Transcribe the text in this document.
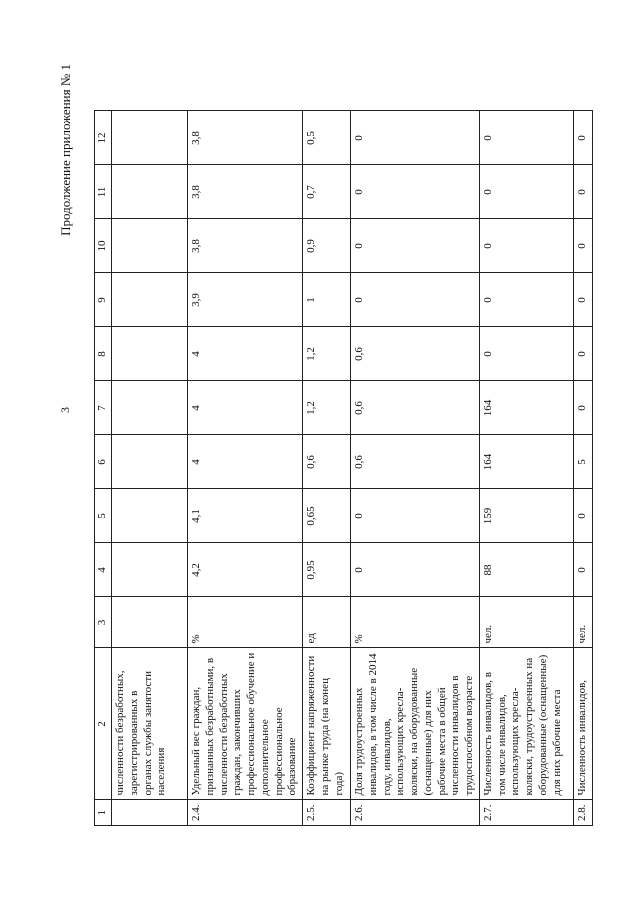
3
Продолжение приложения № 1
1	2	3	4	5	6	7	8	9	10	11	12
	численности безработных, зарегистрированных в органах службы занятости населения										
2.4.	Удельный вес граждан, признанных безработными, в численности безработных граждан, закончивших профессиональное обучение и дополнительное профессиональное образование	%	4,2	4,1	4	4	4	3,9	3,8	3,8	3,8
2.5.	Коэффициент напряженности на рынке труда (на конец года)	ед	0,95	0,65	0,6	1,2	1,2	1	0,9	0,7	0,5
2.6.	Доля трудоустроенных инвалидов, в том числе в 2014 году, инвалидов, использующих кресла-коляски, на оборудованные (оснащенные) для них рабочие места в общей численности инвалидов в трудоспособном возрасте	%	0	0	0,6	0,6	0,6	0	0	0	0
2.7.	Численность инвалидов, в том числе инвалидов, использующих кресла-коляски, трудоустроенных на оборудованные (оснащенные) для них рабочие места	чел.	88	159	164	164	0	0	0	0	0
2.8.	Численность инвалидов,	чел.	0	0	5	0	0	0	0	0	0
